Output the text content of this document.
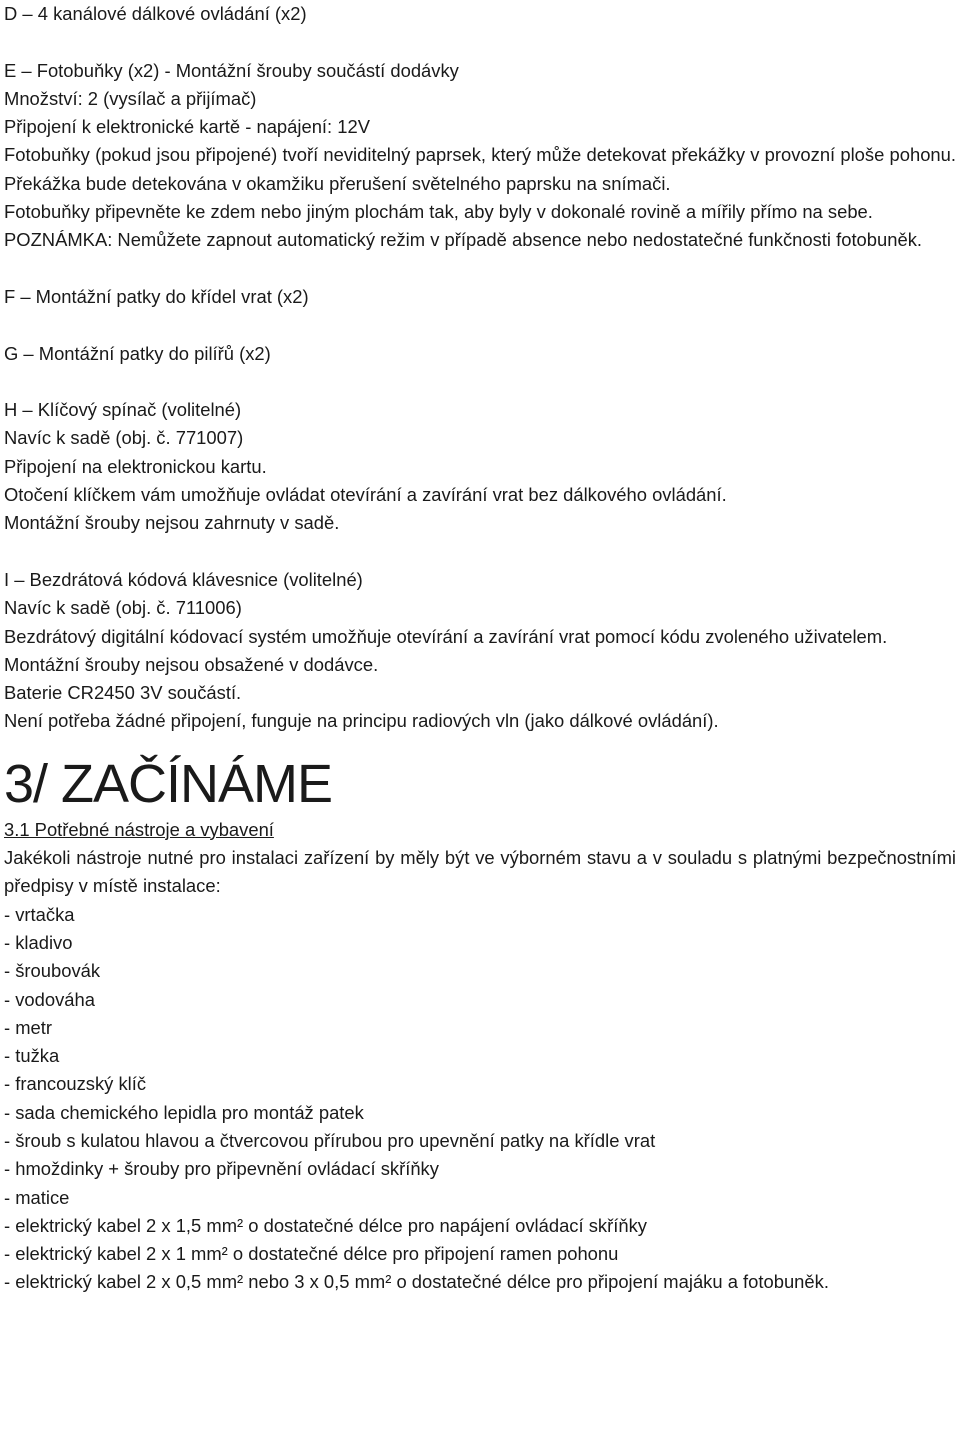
D – 4 kanálové dálkové ovládání (x2)
E – Fotobuňky (x2) - Montážní šrouby součástí dodávky
Množství: 2 (vysílač a přijímač)
Připojení k elektronické kartě - napájení: 12V

Fotobuňky (pokud jsou připojené) tvoří neviditelný paprsek, který může detekovat překážky v provozní ploše pohonu. Překážka bude detekována v okamžiku přerušení světelného paprsku na snímači.

Fotobuňky připevněte ke zdem nebo jiným plochám tak, aby byly v dokonalé rovině a mířily přímo na sebe.

POZNÁMKA: Nemůžete zapnout automatický režim v případě absence nebo nedostatečné funkčnosti fotobuněk.

F – Montážní patky do křídel vrat (x2)
G – Montážní patky do pilířů (x2)
H – Klíčový spínač (volitelné)
Navíc k sadě (obj. č. 771007)
Připojení na elektronickou kartu.
Otočení klíčkem vám umožňuje ovládat otevírání a zavírání vrat bez dálkového ovládání.
Montážní šrouby nejsou zahrnuty v sadě.
I – Bezdrátová kódová klávesnice (volitelné)
Navíc k sadě (obj. č. 711006)

Bezdrátový digitální kódovací systém umožňuje otevírání a zavírání vrat pomocí kódu zvoleného uživatelem.

Montážní šrouby nejsou obsažené v dodávce.
Baterie CR2450 3V součástí.
Není potřeba žádné připojení, funguje na principu radiových vln (jako dálkové ovládání).
3/ ZAČÍNÁME
3.1 Potřebné nástroje a vybavení

Jakékoli nástroje nutné pro instalaci zařízení by měly být ve výborném stavu a v souladu s platnými bezpečnostními předpisy v místě instalace:

- vrtačka
- kladivo
- šroubovák
- vodováha
- metr
- tužka
- francouzský klíč
- sada chemického lepidla pro montáž patek
- šroub s kulatou hlavou a čtvercovou přírubou pro upevnění patky na křídle vrat
- hmoždinky + šrouby pro připevnění ovládací skříňky
- matice
- elektrický kabel 2 x 1,5 mm² o dostatečné délce pro napájení ovládací skříňky
- elektrický kabel 2 x 1 mm² o dostatečné délce pro připojení ramen pohonu
- elektrický kabel 2 x 0,5 mm² nebo 3 x 0,5 mm² o dostatečné délce pro připojení majáku a fotobuněk.
